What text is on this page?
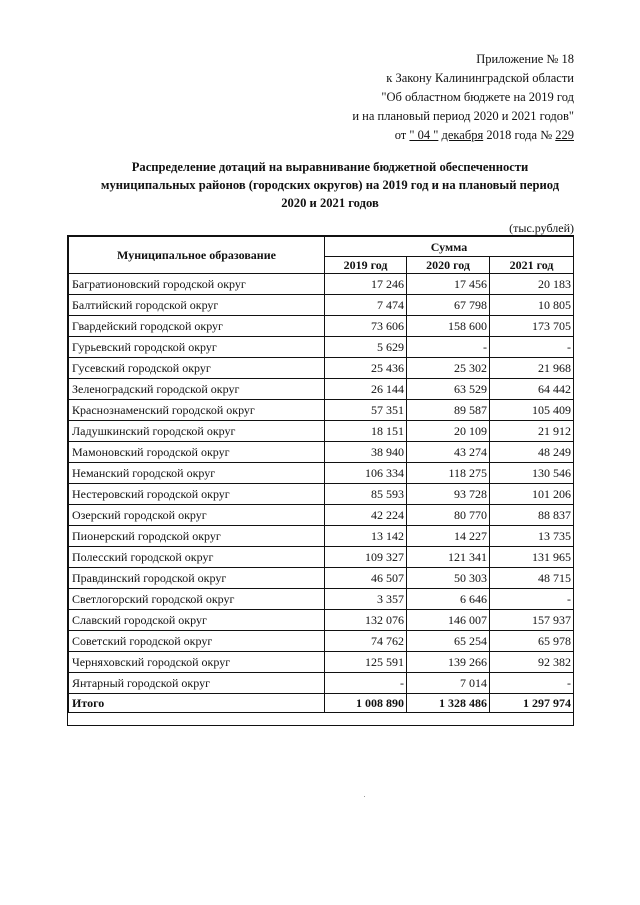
Приложение № 18
к Закону Калининградской области
"Об областном бюджете на 2019 год
и на плановый период 2020 и 2021 годов"
от " 04 " декабря 2018 года № 229
Распределение дотаций на выравнивание бюджетной обеспеченности
муниципальных районов (городских округов) на 2019 год и на плановый период
2020 и 2021 годов
(тыс.рублей)
Муниципальное образование	Сумма		
	2019 год	2020 год	2021 год
Багратионовский городской округ	17 246	17 456	20 183
Балтийский городской округ	7 474	67 798	10 805
Гвардейский городской округ	73 606	158 600	173 705
Гурьевский городской округ	5 629	-	-
Гусевский городской округ	25 436	25 302	21 968
Зеленоградский городской округ	26 144	63 529	64 442
Краснознаменский городской округ	57 351	89 587	105 409
Ладушкинский городской округ	18 151	20 109	21 912
Мамоновский городской округ	38 940	43 274	48 249
Неманский городской округ	106 334	118 275	130 546
Нестеровский городской округ	85 593	93 728	101 206
Озерский городской округ	42 224	80 770	88 837
Пионерский городской округ	13 142	14 227	13 735
Полесский городской округ	109 327	121 341	131 965
Правдинский городской округ	46 507	50 303	48 715
Светлогорский городской округ	3 357	6 646	-
Славский городской округ	132 076	146 007	157 937
Советский городской округ	74 762	65 254	65 978
Черняховский городской округ	125 591	139 266	92 382
Янтарный городской округ	-	7 014	-
Итого	1 008 890	1 328 486	1 297 974
